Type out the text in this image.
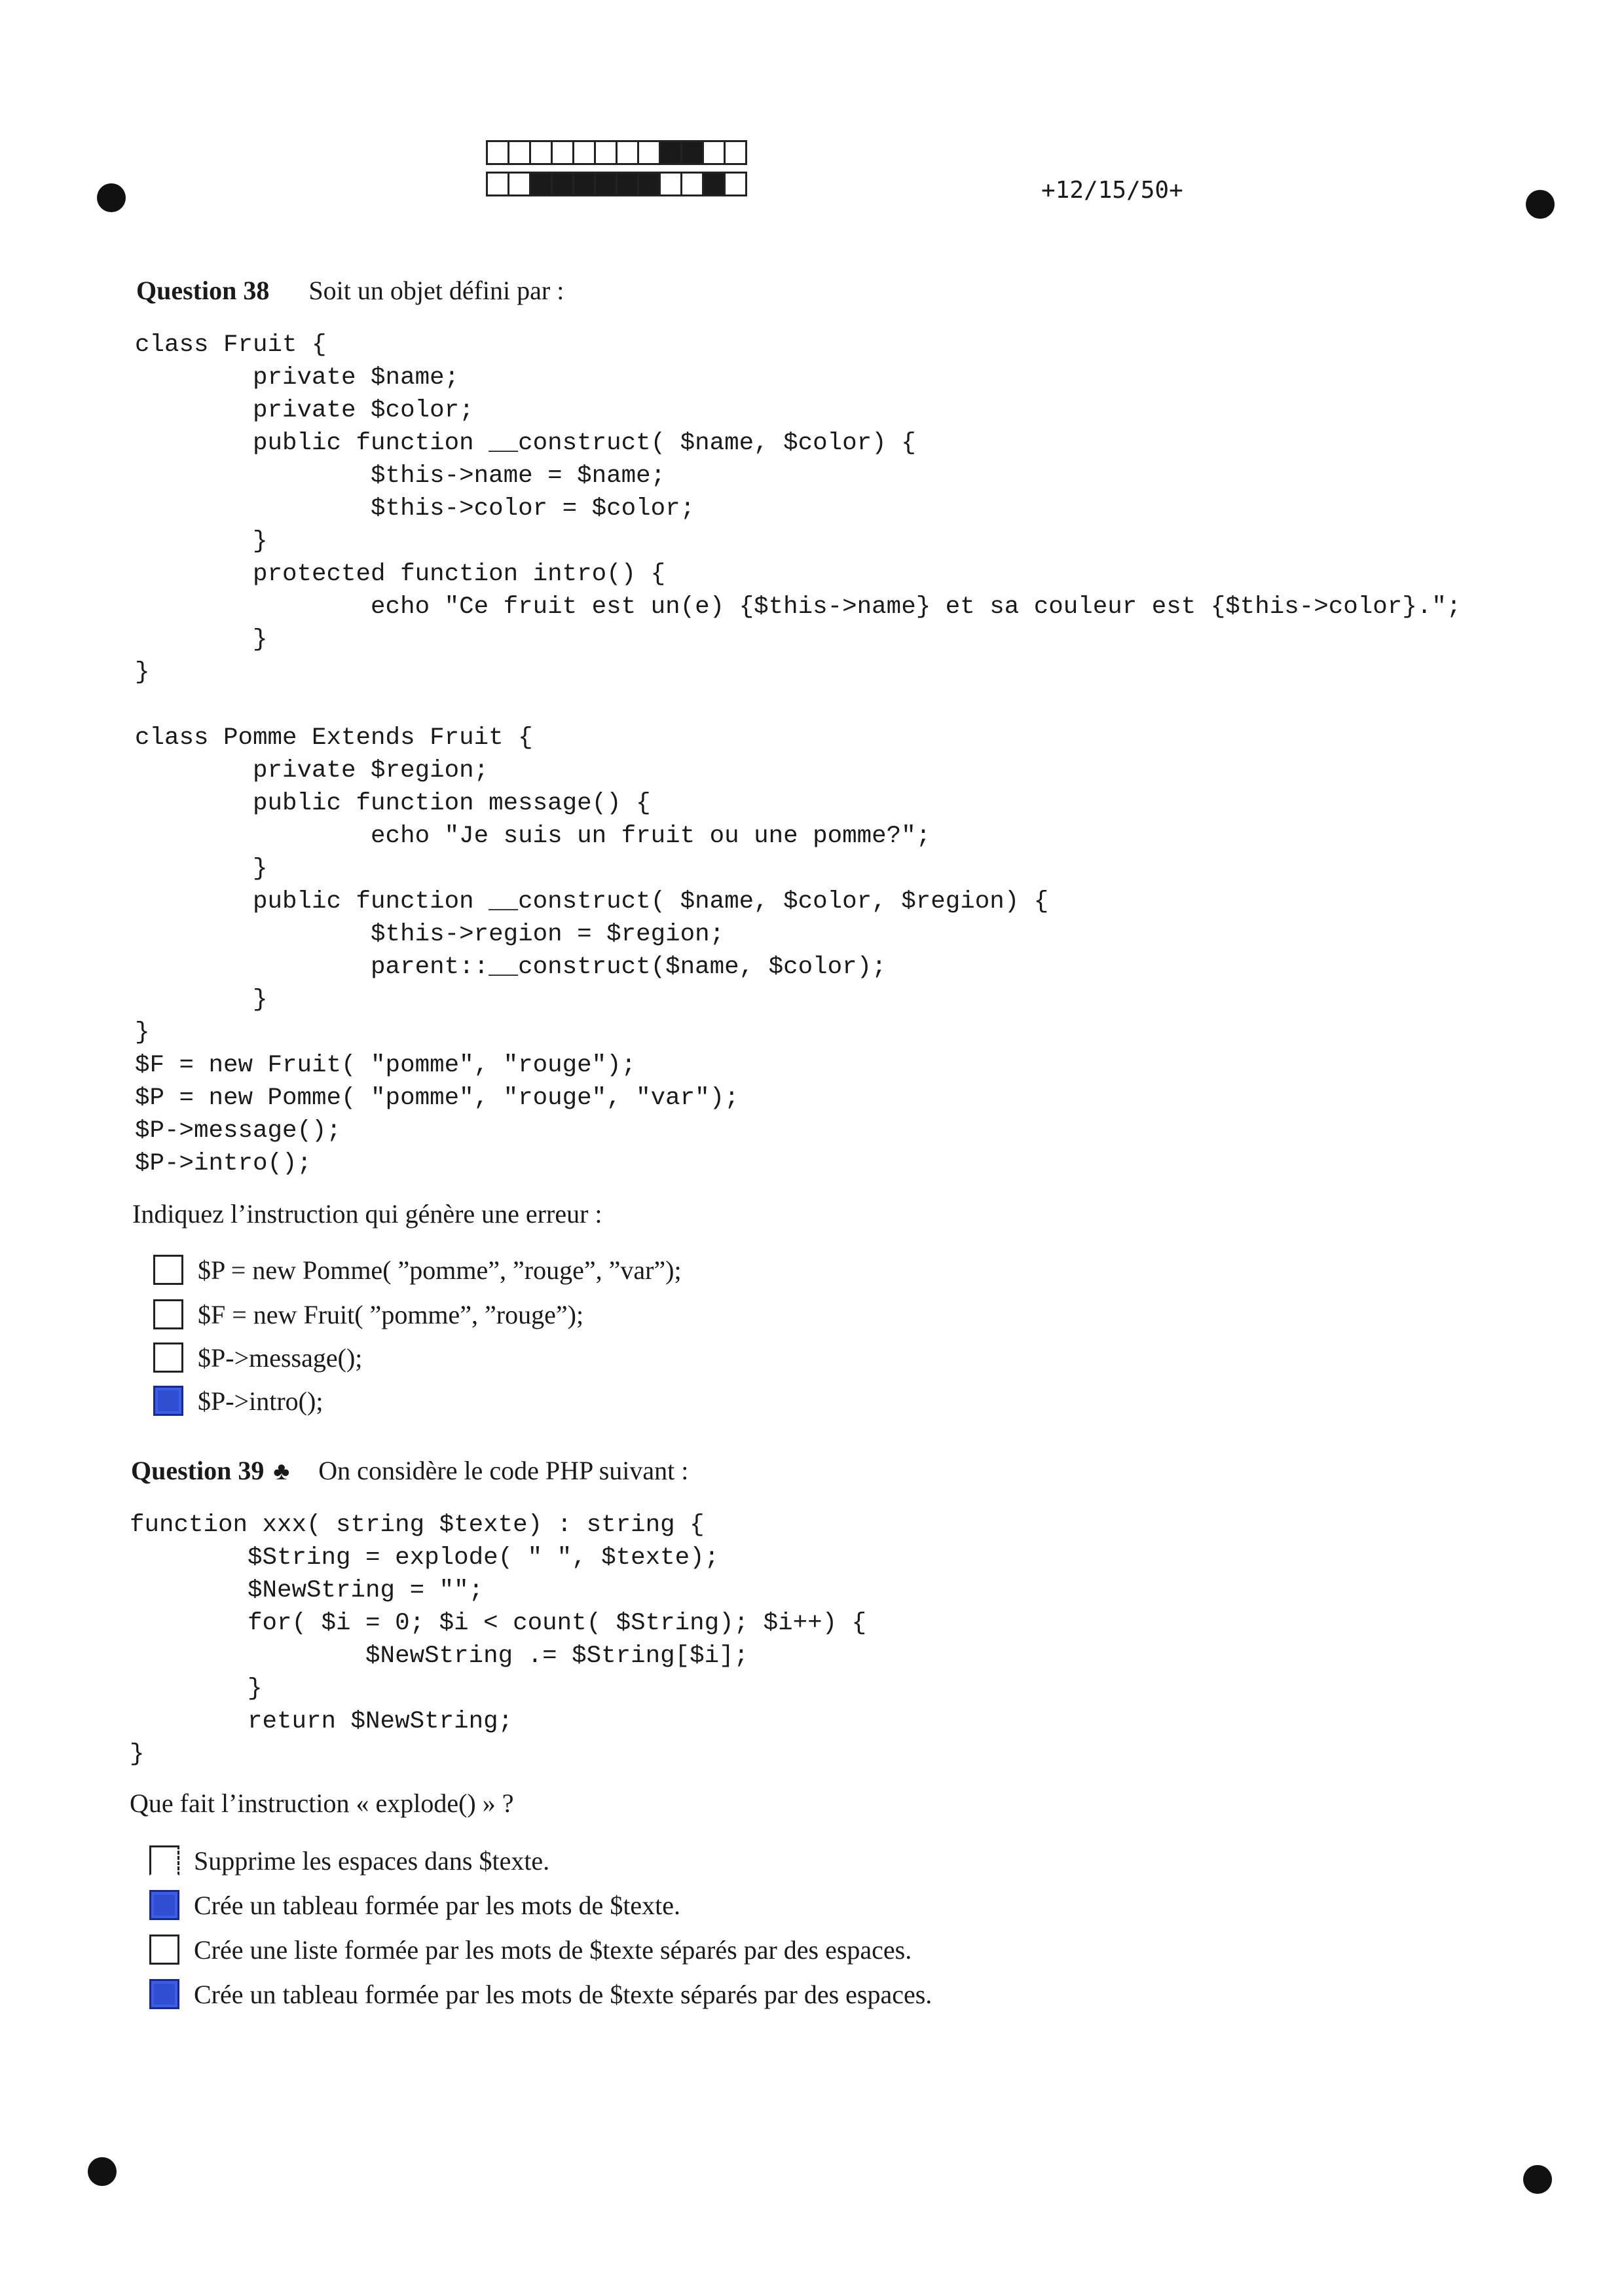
+12/15/50+
Question 38 Soit un objet défini par :
class Fruit {
private $name;
private $color;
public function __construct( $name, $color) {
$this->name = $name;
$this->color = $color;
}
protected function intro() {
echo "Ce fruit est un(e) {$this->name} et sa couleur est {$this->color}.";
}
}

class Pomme Extends Fruit {
private $region;
public function message() {
echo "Je suis un fruit ou une pomme?";
}
public function __construct( $name, $color, $region) {
$this->region = $region;
parent::__construct($name, $color);
}
}
$F = new Fruit( "pomme", "rouge");
$P = new Pomme( "pomme", "rouge", "var");
$P->message();
$P->intro();
Indiquez l’instruction qui génère une erreur :
$P = new Pomme( ”pomme”, ”rouge”, ”var”);
$F = new Fruit( ”pomme”, ”rouge”);
$P->message();
$P->intro();
Question 39 ♣ On considère le code PHP suivant :
function xxx( string $texte) : string {
$String = explode( " ", $texte);
$NewString = "";
for( $i = 0; $i < count( $String); $i++) {
$NewString .= $String[$i];
}
return $NewString;
}
Que fait l’instruction « explode() » ?
Supprime les espaces dans $texte.
Crée un tableau formée par les mots de $texte.
Crée une liste formée par les mots de $texte séparés par des espaces.
Crée un tableau formée par les mots de $texte séparés par des espaces.
